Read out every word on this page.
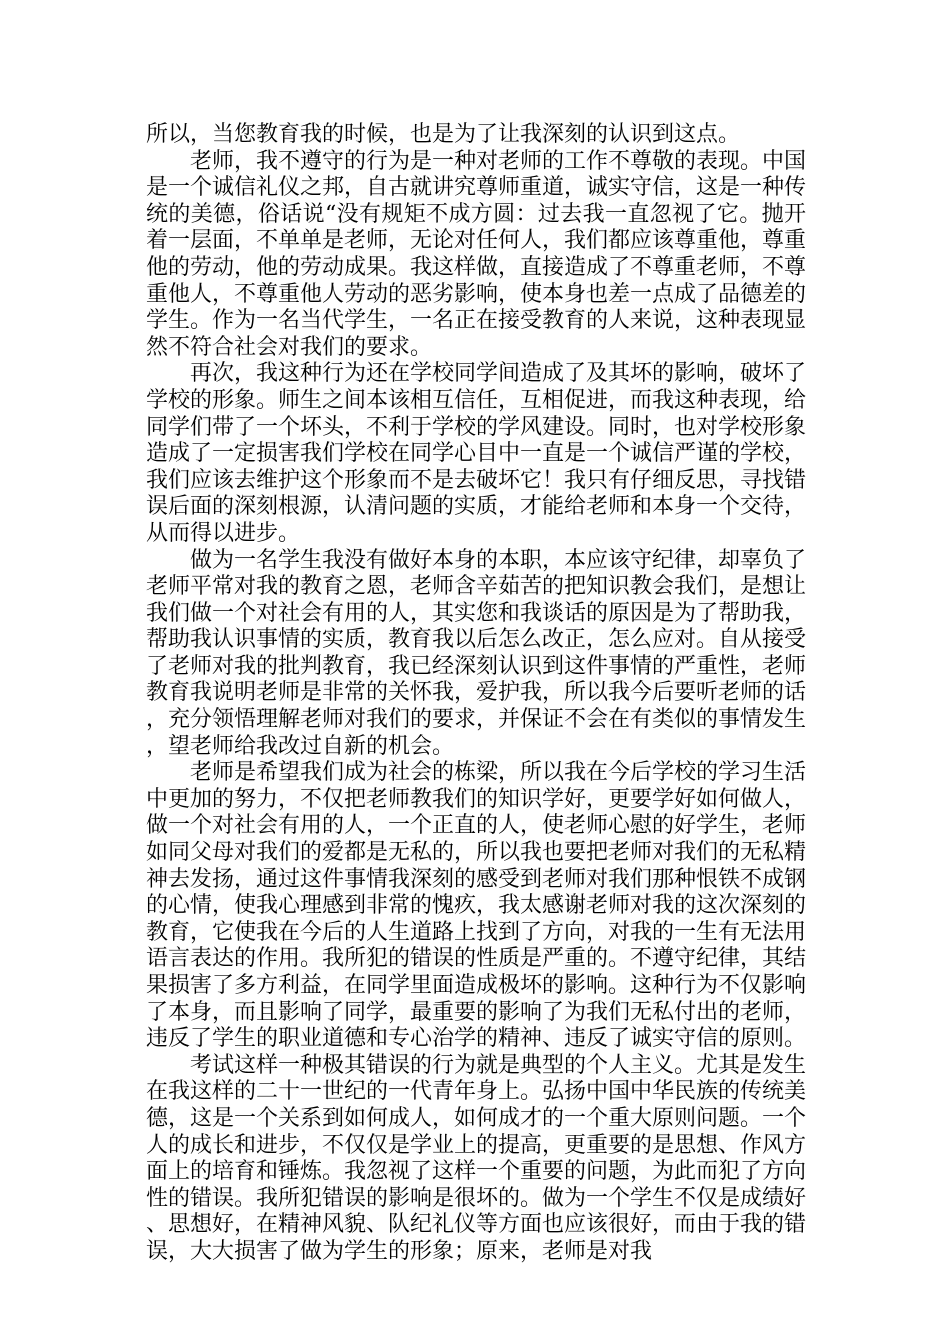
所以，当您教育我的时候，也是为了让我深刻的认识到这点。

老师，我不遵守的行为是一种对老师的工作不尊敬的表现。中国是一个诚信礼仪之邦，自古就讲究尊师重道，诚实守信，这是一种传统的美德，俗话说“没有规矩不成方圆：过去我一直忽视了它。抛开着一层面，不单单是老师，无论对任何人，我们都应该尊重他，尊重他的劳动，他的劳动成果。我这样做，直接造成了不尊重老师，不尊重他人，不尊重他人劳动的恶劣影响，使本身也差一点成了品德差的学生。作为一名当代学生，一名正在接受教育的人来说，这种表现显然不符合社会对我们的要求。

再次，我这种行为还在学校同学间造成了及其坏的影响，破坏了学校的形象。师生之间本该相互信任，互相促进，而我这种表现，给同学们带了一个坏头，不利于学校的学风建设。同时，也对学校形象造成了一定损害我们学校在同学心目中一直是一个诚信严谨的学校，我们应该去维护这个形象而不是去破坏它！我只有仔细反思，寻找错误后面的深刻根源，认清问题的实质，才能给老师和本身一个交待，从而得以进步。

做为一名学生我没有做好本身的本职，本应该守纪律，却辜负了老师平常对我的教育之恩，老师含辛茹苦的把知识教会我们，是想让我们做一个对社会有用的人，其实您和我谈话的原因是为了帮助我，帮助我认识事情的实质，教育我以后怎么改正，怎么应对。自从接受了老师对我的批判教育，我已经深刻认识到这件事情的严重性，老师教育我说明老师是非常的关怀我，爱护我，所以我今后要听老师的话，充分领悟理解老师对我们的要求，并保证不会在有类似的事情发生，望老师给我改过自新的机会。

老师是希望我们成为社会的栋梁，所以我在今后学校的学习生活中更加的努力，不仅把老师教我们的知识学好，更要学好如何做人，做一个对社会有用的人，一个正直的人，使老师心慰的好学生，老师如同父母对我们的爱都是无私的，所以我也要把老师对我们的无私精神去发扬，通过这件事情我深刻的感受到老师对我们那种恨铁不成钢的心情，使我心理感到非常的愧疚，我太感谢老师对我的这次深刻的教育，它使我在今后的人生道路上找到了方向，对我的一生有无法用语言表达的作用。我所犯的错误的性质是严重的。不遵守纪律，其结果损害了多方利益，在同学里面造成极坏的影响。这种行为不仅影响了本身，而且影响了同学，最重要的影响了为我们无私付出的老师，违反了学生的职业道德和专心治学的精神、违反了诚实守信的原则。

考试这样一种极其错误的行为就是典型的个人主义。尤其是发生在我这样的二十一世纪的一代青年身上。弘扬中国中华民族的传统美德，这是一个关系到如何成人，如何成才的一个重大原则问题。一个人的成长和进步，不仅仅是学业上的提高，更重要的是思想、作风方面上的培育和锤炼。我忽视了这样一个重要的问题，为此而犯了方向性的错误。我所犯错误的影响是很坏的。做为一个学生不仅是成绩好、思想好，在精神风貌、队纪礼仪等方面也应该很好，而由于我的错误，大大损害了做为学生的形象；原来，老师是对我
